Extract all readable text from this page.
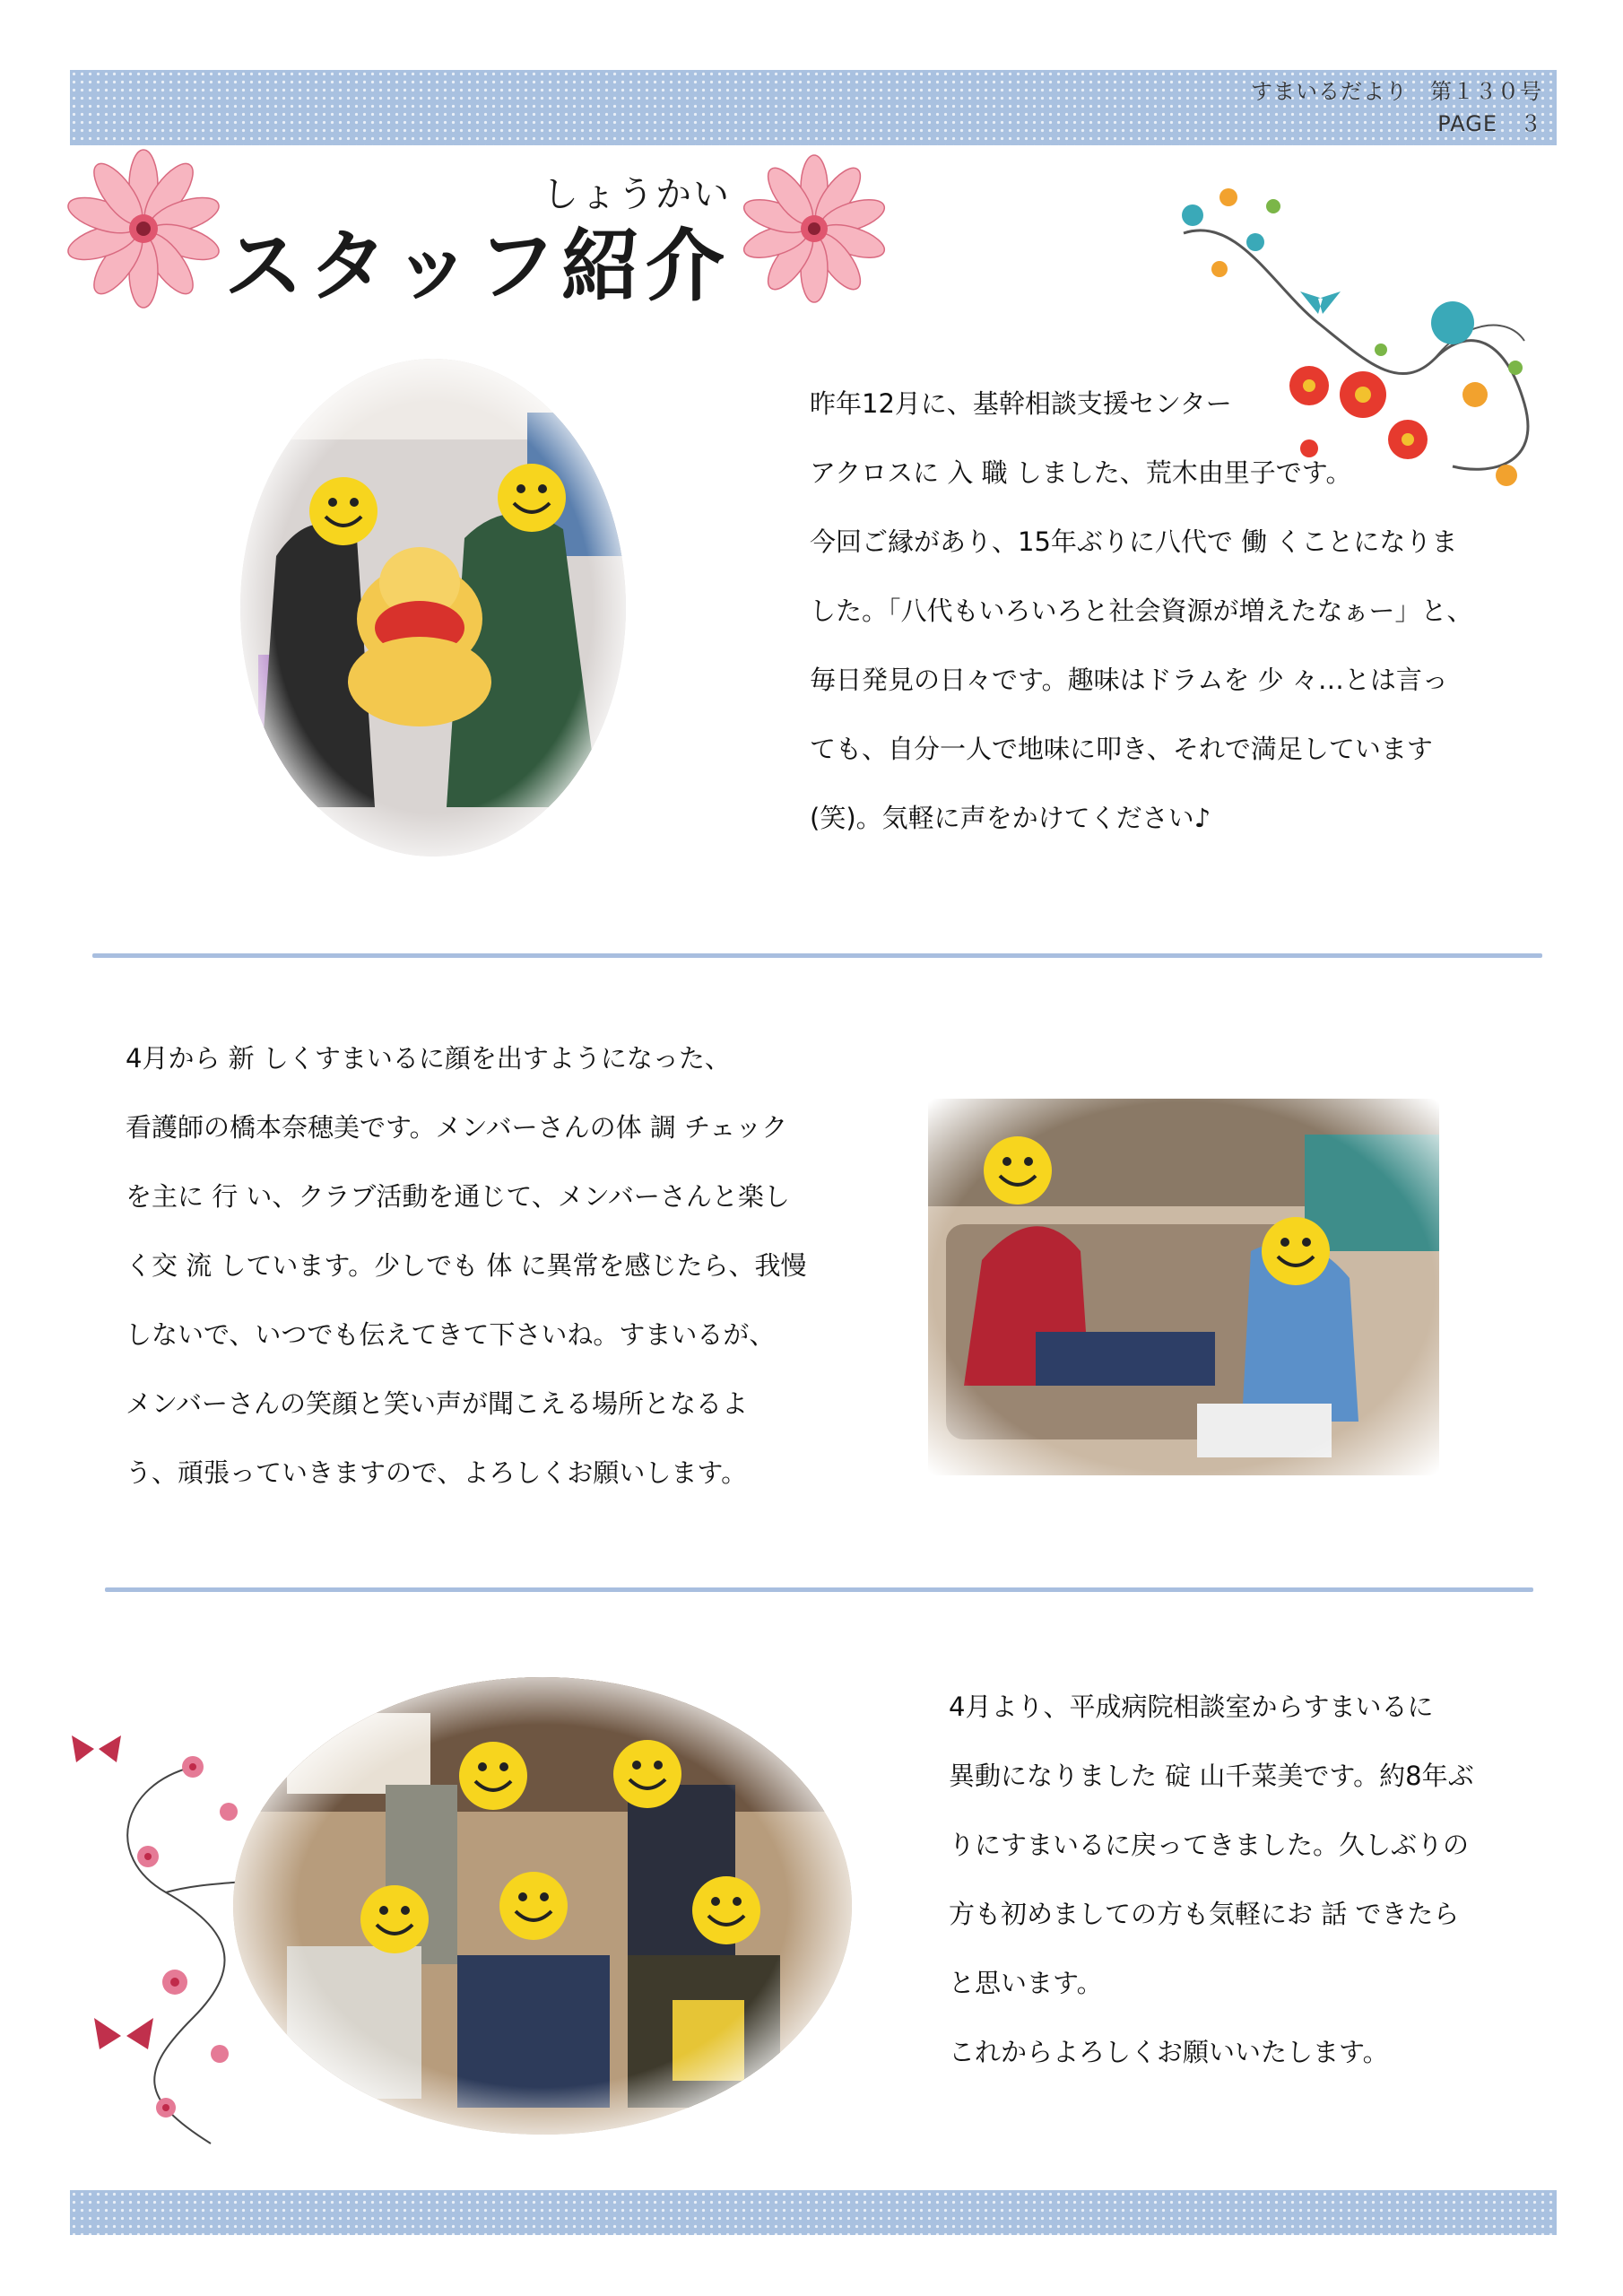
すまいるだより　第１３０号
PAGE　３
しょうかい
スタッフ紹介
昨年12月に、基幹相談支援センター
アクロスに 入 職 しました、荒木由里子です。
今回ご縁があり、15年ぶりに八代で 働 くことになりま
した。「八代もいろいろと社会資源が増えたなぁー」と、
毎日発見の日々です。趣味はドラムを 少 々…とは言っ
ても、自分一人で地味に叩き、それで満足しています
(笑)。気軽に声をかけてください♪
4月から 新 しくすまいるに顔を出すようになった、
看護師の橋本奈穂美です。メンバーさんの体 調 チェック
を主に 行 い、クラブ活動を通じて、メンバーさんと楽し
く交 流 しています。少しでも 体 に異常を感じたら、我慢
しないで、いつでも伝えてきて下さいね。すまいるが、
メンバーさんの笑顔と笑い声が聞こえる場所となるよ
う、頑張っていきますので、よろしくお願いします。
4月より、平成病院相談室からすまいるに
異動になりました 碇 山千菜美です。約8年ぶ
りにすまいるに戻ってきました。久しぶりの
方も初めましての方も気軽にお 話 できたら
と思います。
これからよろしくお願いいたします。
